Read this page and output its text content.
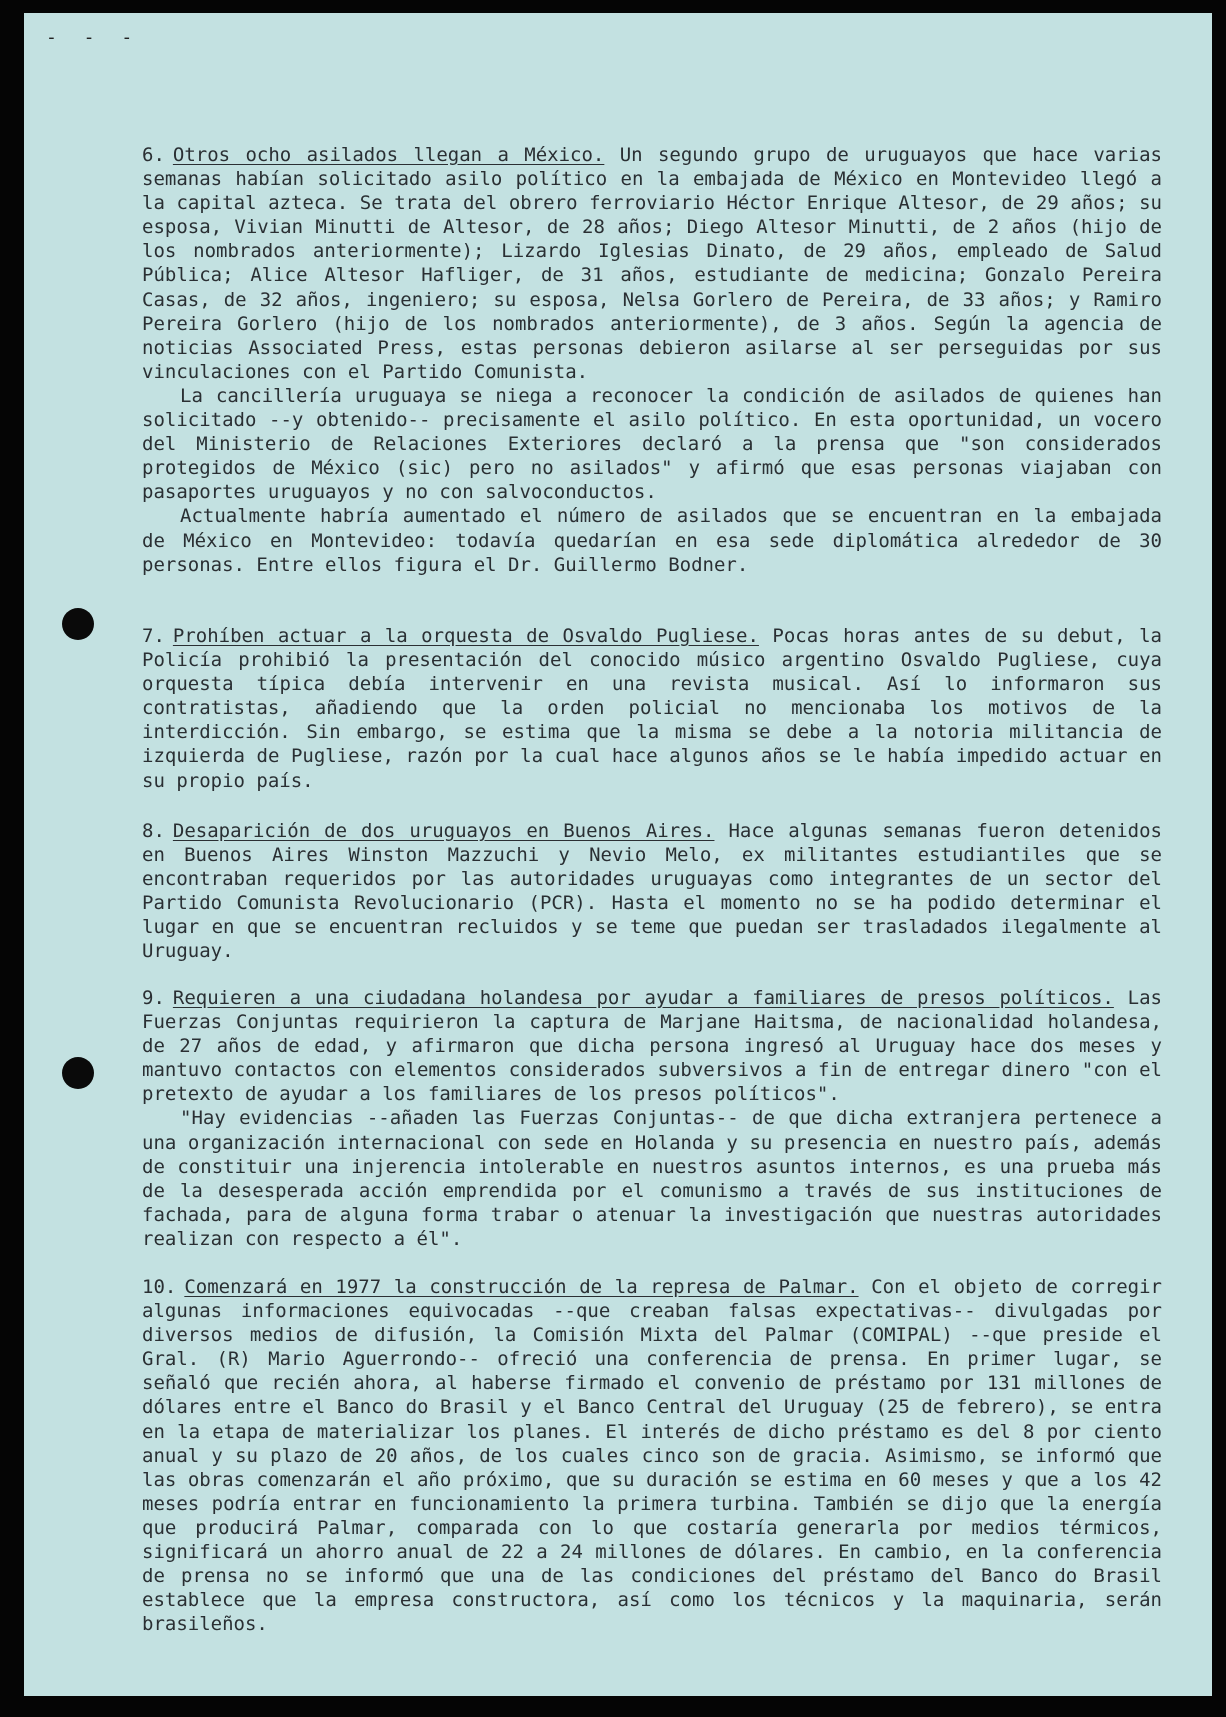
- - -

6. Otros ocho asilados llegan a México. Un segundo grupo de uruguayos que hace varias semanas habían solicitado asilo político en la embajada de México en Montevideo llegó a la capital azteca. Se trata del obrero ferroviario Héctor Enrique Altesor, de 29 años; su esposa, Vivian Minutti de Altesor, de 28 años; Diego Altesor Minutti, de 2 años (hijo de los nombrados anteriormente); Lizardo Iglesias Dinato, de 29 años, empleado de Salud Pública; Alice Altesor Hafliger, de 31 años, estudiante de medicina; Gonzalo Pereira Casas, de 32 años, ingeniero; su esposa, Nelsa Gorlero de Pereira, de 33 años; y Ramiro Pereira Gorlero (hijo de los nombrados anteriormente), de 3 años. Según la agencia de noticias Associated Press, estas personas debieron asilarse al ser perseguidas por sus vinculaciones con el Partido Comunista.

La cancillería uruguaya se niega a reconocer la condición de asilados de quienes han solicitado --y obtenido-- precisamente el asilo político. En esta oportunidad, un vocero del Ministerio de Relaciones Exteriores declaró a la prensa que "son considerados protegidos de México (sic) pero no asilados" y afirmó que esas personas viajaban con pasaportes uruguayos y no con salvoconductos.

Actualmente habría aumentado el número de asilados que se encuentran en la embajada de México en Montevideo: todavía quedarían en esa sede diplomática alrededor de 30 personas. Entre ellos figura el Dr. Guillermo Bodner.

7. Prohíben actuar a la orquesta de Osvaldo Pugliese. Pocas horas antes de su debut, la Policía prohibió la presentación del conocido músico argentino Osvaldo Pugliese, cuya orquesta típica debía intervenir en una revista musical. Así lo informaron sus contratistas, añadiendo que la orden policial no mencionaba los motivos de la interdicción. Sin embargo, se estima que la misma se debe a la notoria militancia de izquierda de Pugliese, razón por la cual hace algunos años se le había impedido actuar en su propio país.

8. Desaparición de dos uruguayos en Buenos Aires. Hace algunas semanas fueron detenidos en Buenos Aires Winston Mazzuchi y Nevio Melo, ex militantes estudiantiles que se encontraban requeridos por las autoridades uruguayas como integrantes de un sector del Partido Comunista Revolucionario (PCR). Hasta el momento no se ha podido determinar el lugar en que se encuentran recluidos y se teme que puedan ser trasladados ilegalmente al Uruguay.

9. Requieren a una ciudadana holandesa por ayudar a familiares de presos políticos. Las Fuerzas Conjuntas requirieron la captura de Marjane Haitsma, de nacionalidad holandesa, de 27 años de edad, y afirmaron que dicha persona ingresó al Uruguay hace dos meses y mantuvo contactos con elementos considerados subversivos a fin de entregar dinero "con el pretexto de ayudar a los familiares de los presos políticos".

"Hay evidencias --añaden las Fuerzas Conjuntas-- de que dicha extranjera pertenece a una organización internacional con sede en Holanda y su presencia en nuestro país, además de constituir una injerencia intolerable en nuestros asuntos internos, es una prueba más de la desesperada acción emprendida por el comunismo a través de sus instituciones de fachada, para de alguna forma trabar o atenuar la investigación que nuestras autoridades realizan con respecto a él".

10. Comenzará en 1977 la construcción de la represa de Palmar. Con el objeto de corregir algunas informaciones equivocadas --que creaban falsas expectativas-- divulgadas por diversos medios de difusión, la Comisión Mixta del Palmar (COMIPAL) --que preside el Gral. (R) Mario Aguerrondo-- ofreció una conferencia de prensa. En primer lugar, se señaló que recién ahora, al haberse firmado el convenio de préstamo por 131 millones de dólares entre el Banco do Brasil y el Banco Central del Uruguay (25 de febrero), se entra en la etapa de materializar los planes. El interés de dicho préstamo es del 8 por ciento anual y su plazo de 20 años, de los cuales cinco son de gracia. Asimismo, se informó que las obras comenzarán el año próximo, que su duración se estima en 60 meses y que a los 42 meses podría entrar en funcionamiento la primera turbina. También se dijo que la energía que producirá Palmar, comparada con lo que costaría generarla por medios térmicos, significará un ahorro anual de 22 a 24 millones de dólares. En cambio, en la conferencia de prensa no se informó que una de las condiciones del préstamo del Banco do Brasil establece que la empresa constructora, así como los técnicos y la maquinaria, serán brasileños.
